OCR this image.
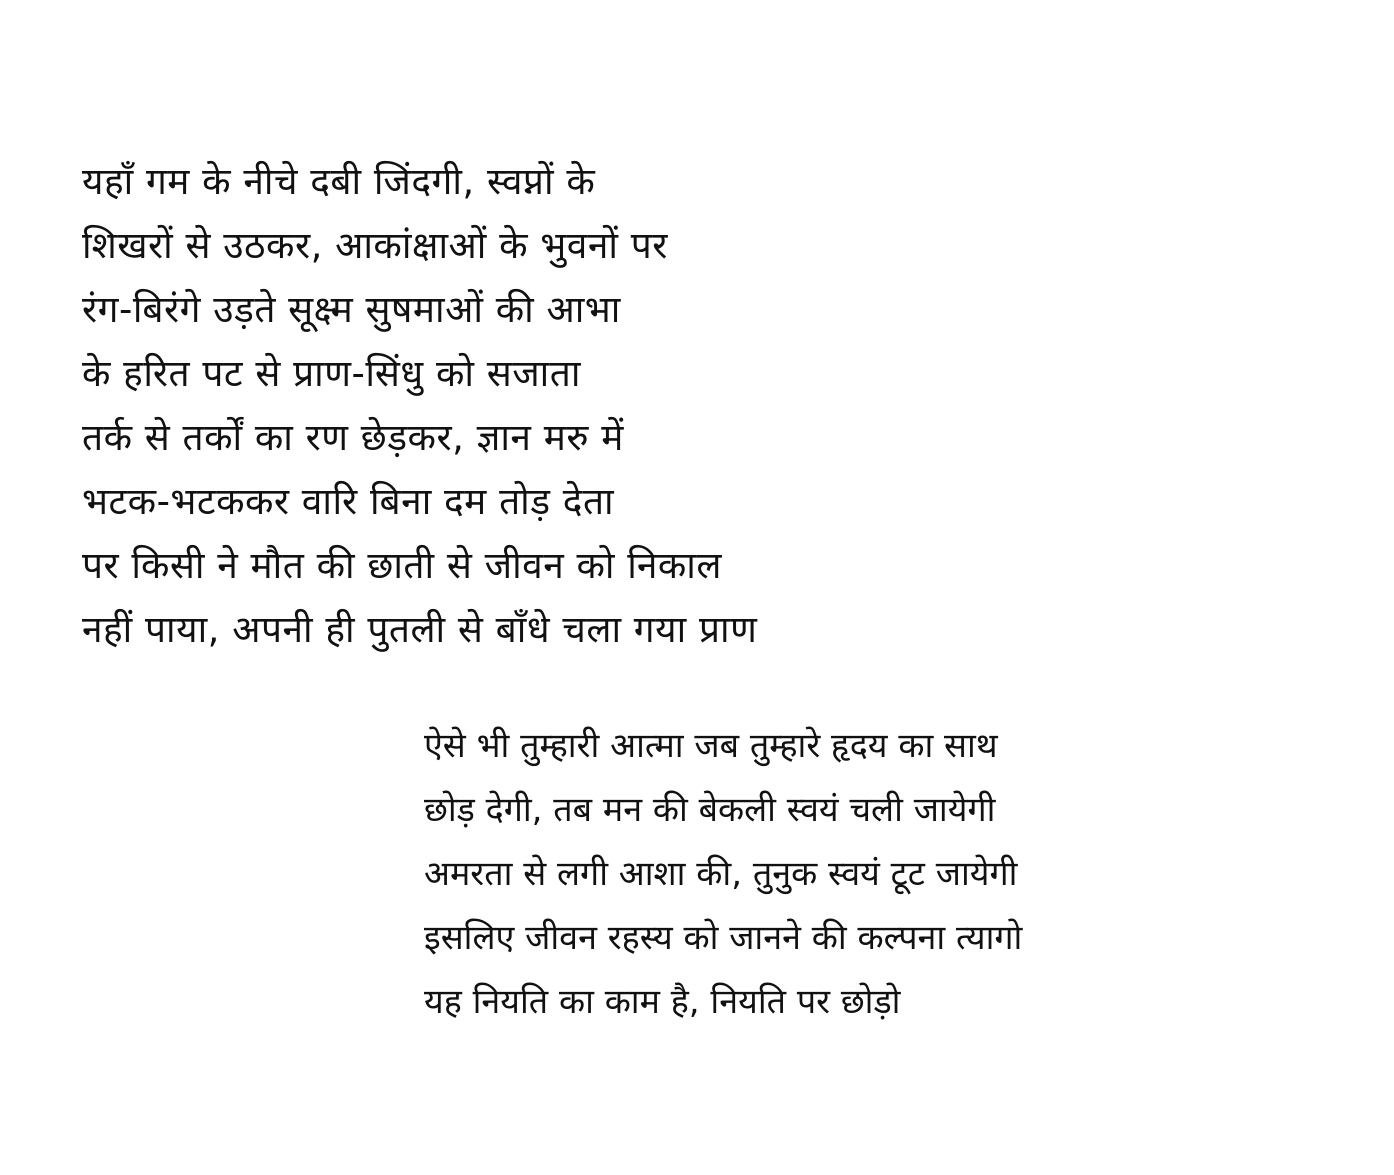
यहाँ गम के नीचे दबी जिंदगी, स्वप्नों के
शिखरों से उठकर, आकांक्षाओं के भुवनों पर
रंग-बिरंगे उड़ते सूक्ष्म सुषमाओं की आभा
के हरित पट से प्राण-सिंधु को सजाता
तर्क से तर्कों का रण छेड़कर, ज्ञान मरु में
भटक-भटककर वारि बिना दम तोड़ देता
पर किसी ने मौत की छाती से जीवन को निकाल
नहीं पाया, अपनी ही पुतली से बाँधे चला गया प्राण
ऐसे भी तुम्हारी आत्मा जब तुम्हारे हृदय का साथ
छोड़ देगी, तब मन की बेकली स्वयं चली जायेगी
अमरता से लगी आशा की, तुनुक स्वयं टूट जायेगी
इसलिए जीवन रहस्य को जानने की कल्पना त्यागो
यह नियति का काम है, नियति पर छोड़ो
